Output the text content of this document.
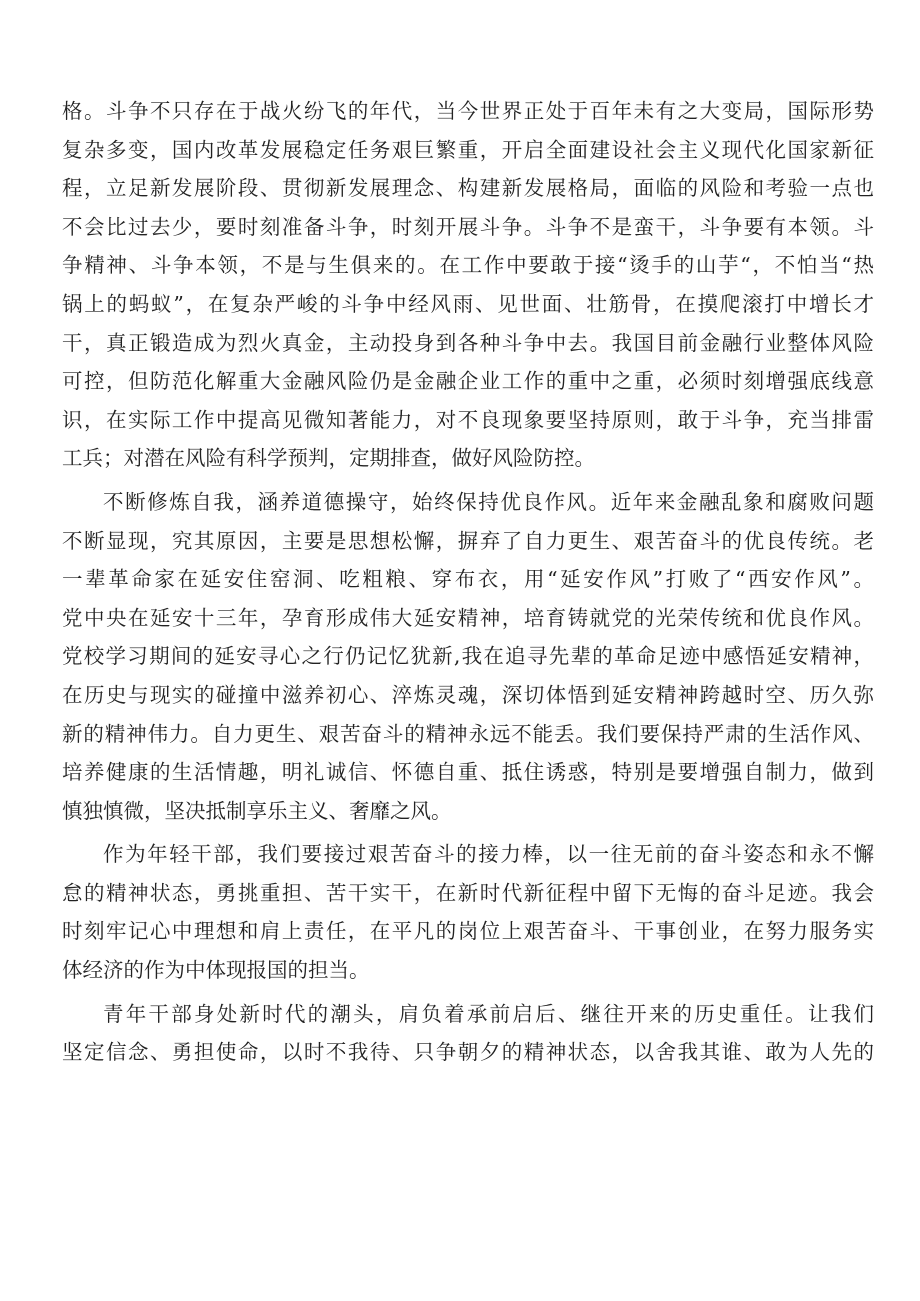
格。斗争不只存在于战火纷飞的年代，当今世界正处于百年未有之大变局，国际形势
复杂多变，国内改革发展稳定任务艰巨繁重，开启全面建设社会主义现代化国家新征
程，立足新发展阶段、贯彻新发展理念、构建新发展格局，面临的风险和考验一点也
不会比过去少，要时刻准备斗争，时刻开展斗争。斗争不是蛮干，斗争要有本领。斗
争精神、斗争本领，不是与生俱来的。在工作中要敢于接“烫手的山芋“，不怕当“热
锅上的蚂蚁”，在复杂严峻的斗争中经风雨、见世面、壮筋骨，在摸爬滚打中增长才
干，真正锻造成为烈火真金，主动投身到各种斗争中去。我国目前金融行业整体风险
可控，但防范化解重大金融风险仍是金融企业工作的重中之重，必须时刻增强底线意
识，在实际工作中提高见微知著能力，对不良现象要坚持原则，敢于斗争，充当排雷
工兵；对潜在风险有科学预判，定期排查，做好风险防控。
不断修炼自我，涵养道德操守，始终保持优良作风。近年来金融乱象和腐败问题
不断显现，究其原因，主要是思想松懈，摒弃了自力更生、艰苦奋斗的优良传统。老
一辈革命家在延安住窑洞、吃粗粮、穿布衣，用“延安作风”打败了“西安作风”。
党中央在延安十三年，孕育形成伟大延安精神，培育铸就党的光荣传统和优良作风。
党校学习期间的延安寻心之行仍记忆犹新,我在追寻先辈的革命足迹中感悟延安精神，
在历史与现实的碰撞中滋养初心、淬炼灵魂，深切体悟到延安精神跨越时空、历久弥
新的精神伟力。自力更生、艰苦奋斗的精神永远不能丢。我们要保持严肃的生活作风、
培养健康的生活情趣，明礼诚信、怀德自重、抵住诱惑，特别是要增强自制力，做到
慎独慎微，坚决抵制享乐主义、奢靡之风。
作为年轻干部，我们要接过艰苦奋斗的接力棒，以一往无前的奋斗姿态和永不懈
怠的精神状态，勇挑重担、苦干实干，在新时代新征程中留下无悔的奋斗足迹。我会
时刻牢记心中理想和肩上责任，在平凡的岗位上艰苦奋斗、干事创业，在努力服务实
体经济的作为中体现报国的担当。
青年干部身处新时代的潮头，肩负着承前启后、继往开来的历史重任。让我们
坚定信念、勇担使命，以时不我待、只争朝夕的精神状态，以舍我其谁、敢为人先的
